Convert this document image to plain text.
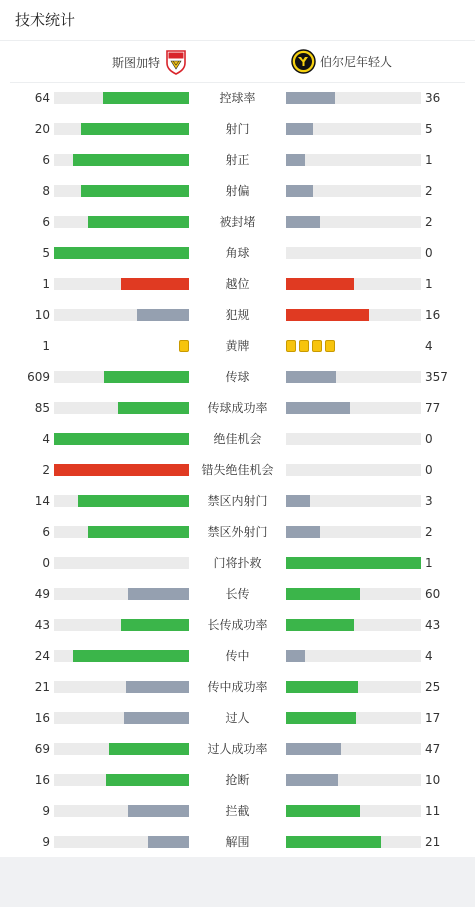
技术统计
斯图加特	伯尔尼年轻人
64	控球率	36
20	射门	5
6	射正	1
8	射偏	2
6	被封堵	2
5	角球	0
1	越位	1
10	犯规	16
1	黄牌	4
609	传球	357
85	传球成功率	77
4	绝佳机会	0
2	错失绝佳机会	0
14	禁区内射门	3
6	禁区外射门	2
0	门将扑救	1
49	长传	60
43	长传成功率	43
24	传中	4
21	传中成功率	25
16	过人	17
69	过人成功率	47
16	抢断	10
9	拦截	11
9	解围	21
